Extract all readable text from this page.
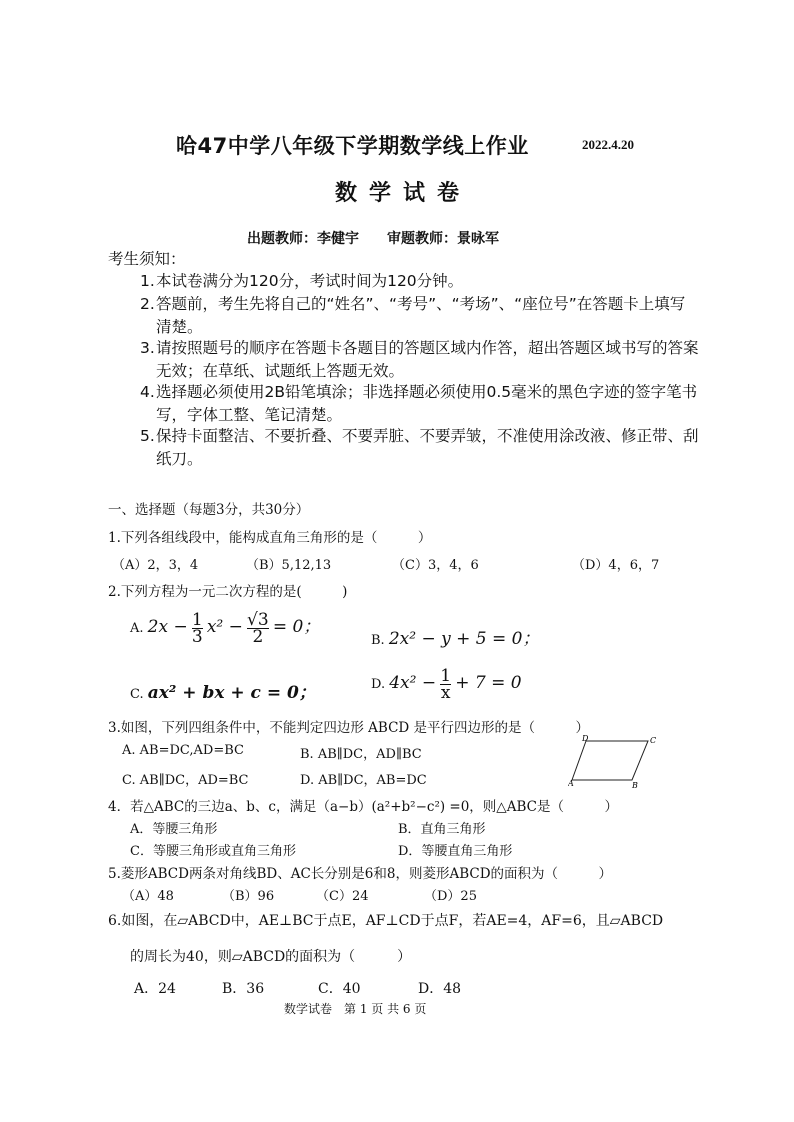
哈47中学八年级下学期数学线上作业	2022.4.20
数学试卷
出题教师：李健宇　　审题教师：景咏军
考生须知：
1. 本试卷满分为120分，考试时间为120分钟。
2. 答题前，考生先将自己的“姓名”、“考号”、“考场”、“座位号”在答题卡上填写清楚。
3. 请按照题号的顺序在答题卡各题目的答题区域内作答，超出答题区域书写的答案无效；在草纸、试题纸上答题无效。
4. 选择题必须使用2B铅笔填涂；非选择题必须使用0.5毫米的黑色字迹的签字笔书写，字体工整、笔记清楚。
5. 保持卡面整洁、不要折叠、不要弄脏、不要弄皱，不准使用涂改液、修正带、刮纸刀。
一、选择题（每题3分，共30分）
1.下列各组线段中，能构成直角三角形的是（　　　）
（A）2，3，4	（B）5,12,13	（C）3，4，6	（D）4，6，7
2.下列方程为一元二次方程的是(　　　)
A. $2x - \frac{1}{3} x^2 - \frac{√3}{2} = 0$；
B. 2x² − y + 5 = 0；
C. ax² + bx + c = 0；	D. $4x^2 - \frac{1}{x} + 7 = 0$
3.如图，下列四组条件中，不能判定四边形 ABCD 是平行四边形的是（　　　）
A. AB=DC,AD=BC	B. AB∥DC，AD∥BC
C. AB∥DC，AD=BC	D. AB∥DC，AB=DC
D	C
A	B
4．若△ABC的三边a、b、c，满足（a−b）(a²+b²−c²) =0，则△ABC是（　　　）
A．等腰三角形	B．直角三角形
C．等腰三角形或直角三角形	D．等腰直角三角形
5.菱形ABCD两条对角线BD、AC长分别是6和8，则菱形ABCD的面积为（　　　）
（A）48	（B）96	（C）24	（D）25
6.如图，在▱ABCD中，AE⊥BC于点E，AF⊥CD于点F，若AE=4，AF=6，且▱ABCD
的周长为40，则▱ABCD的面积为（　　　）
A．24	B．36	C．40	D．48
数学试卷　第 1 页 共 6 页
